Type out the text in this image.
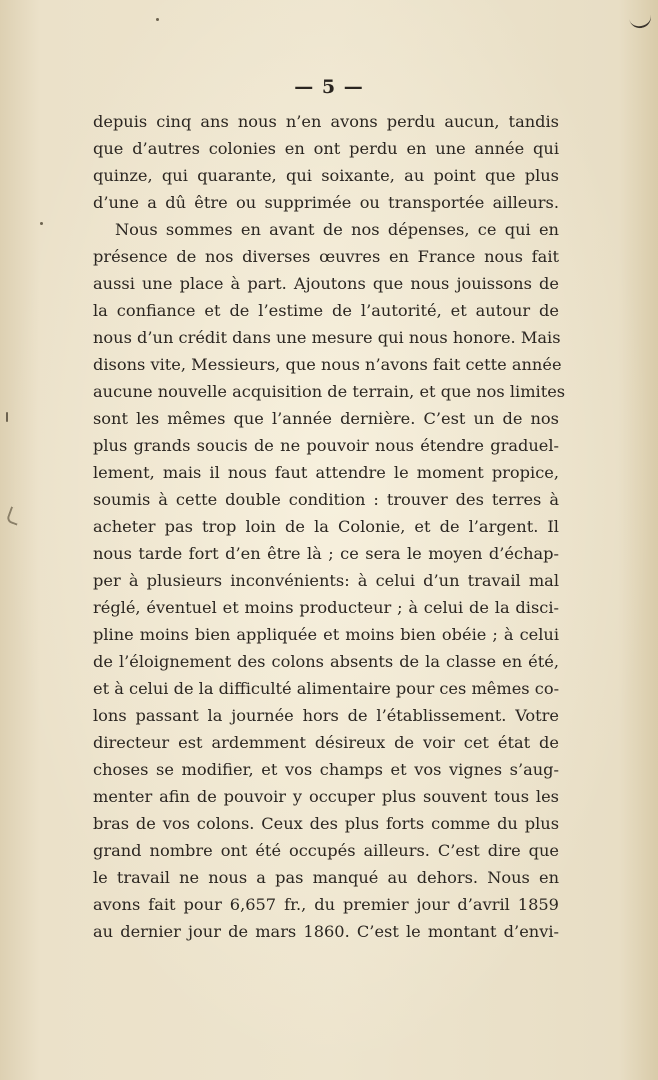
— 5 —
depuis cinq ans nous n’en avons perdu aucun, tandis
que d’autres colonies en ont perdu en une année qui
quinze, qui quarante, qui soixante, au point que plus
d’une a dû être ou supprimée ou transportée ailleurs.
Nous sommes en avant de nos dépenses, ce qui en
présence de nos diverses œuvres en France nous fait
aussi une place à part. Ajoutons que nous jouissons de
la confiance et de l’estime de l’autorité, et autour de
nous d’un crédit dans une mesure qui nous honore. Mais
disons vite, Messieurs, que nous n’avons fait cette année
aucune nouvelle acquisition de terrain, et que nos limites
sont les mêmes que l’année dernière. C’est un de nos
plus grands soucis de ne pouvoir nous étendre graduel-
lement, mais il nous faut attendre le moment propice,
soumis à cette double condition : trouver des terres à
acheter pas trop loin de la Colonie, et de l’argent. Il
nous tarde fort d’en être là ; ce sera le moyen d’échap-
per à plusieurs inconvénients: à celui d’un travail mal
réglé, éventuel et moins producteur ; à celui de la disci-
pline moins bien appliquée et moins bien obéie ; à celui
de l’éloignement des colons absents de la classe en été,
et à celui de la difficulté alimentaire pour ces mêmes co-
lons passant la journée hors de l’établissement. Votre
directeur est ardemment désireux de voir cet état de
choses se modifier, et vos champs et vos vignes s’aug-
menter afin de pouvoir y occuper plus souvent tous les
bras de vos colons. Ceux des plus forts comme du plus
grand nombre ont été occupés ailleurs. C’est dire que
le travail ne nous a pas manqué au dehors. Nous en
avons fait pour 6,657 fr., du premier jour d’avril 1859
au dernier jour de mars 1860. C’est le montant d’envi-
